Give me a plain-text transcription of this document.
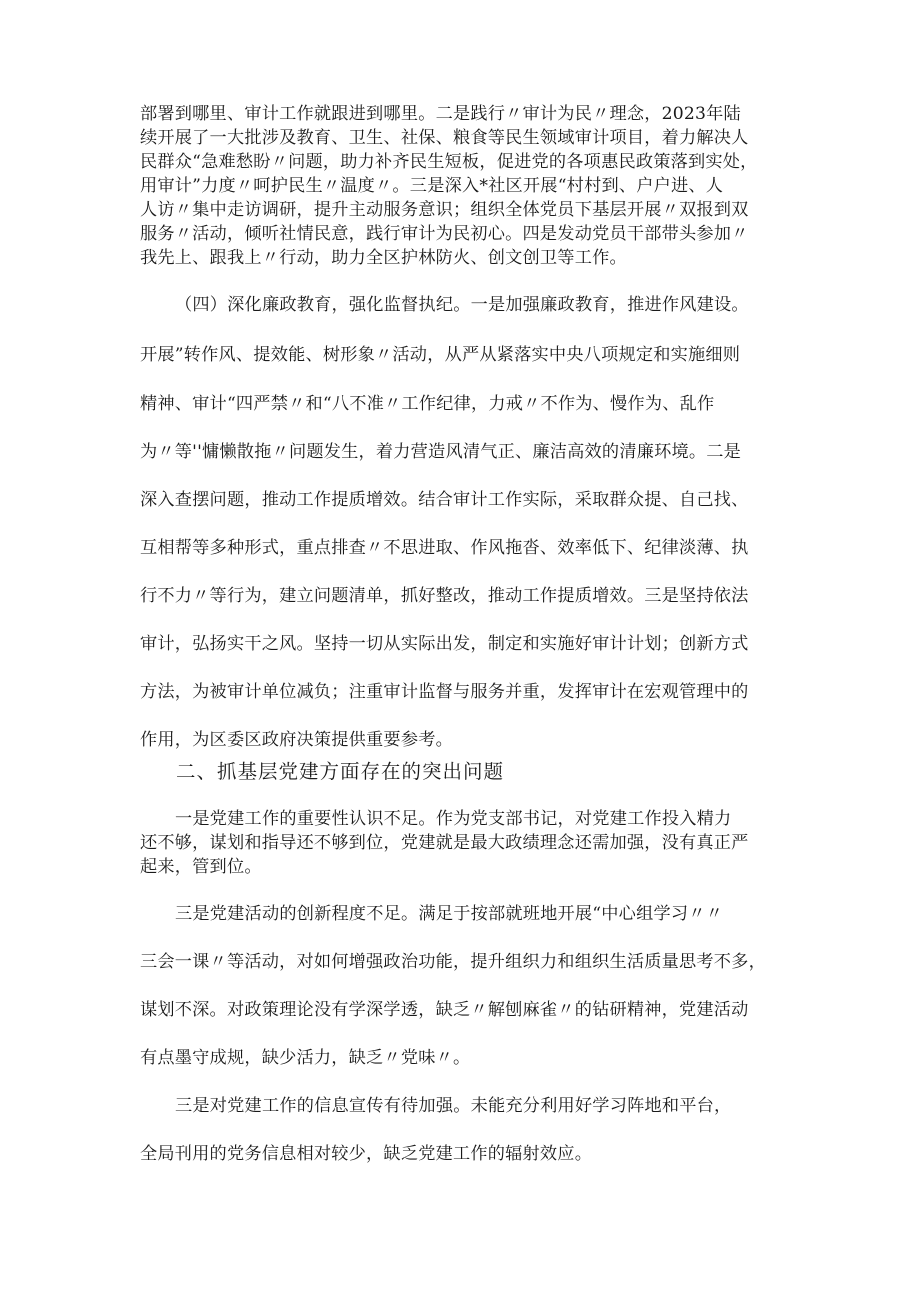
部署到哪里、审计工作就跟进到哪里。二是践行〃审计为民〃理念，2023年陆
续开展了一大批涉及教育、卫生、社保、粮食等民生领域审计项目，着力解决人
民群众“急难愁盼〃问题，助力补齐民生短板，促进党的各项惠民政策落到实处，
用审计”力度〃呵护民生〃温度〃。三是深入*社区开展“村村到、户户进、人
人访〃集中走访调研，提升主动服务意识；组织全体党员下基层开展〃双报到双
服务〃活动，倾听社情民意，践行审计为民初心。四是发动党员干部带头参加〃
我先上、跟我上〃行动，助力全区护林防火、创文创卫等工作。
（四）深化廉政教育，强化监督执纪。一是加强廉政教育，推进作风建设。
开展”转作风、提效能、树形象〃活动，从严从紧落实中央八项规定和实施细则
精神、审计“四严禁〃和“八不准〃工作纪律，力戒〃不作为、慢作为、乱作
为〃等''慵懒散拖〃问题发生，着力营造风清气正、廉洁高效的清廉环境。二是
深入查摆问题，推动工作提质增效。结合审计工作实际，采取群众提、自己找、
互相帮等多种形式，重点排查〃不思进取、作风拖沓、效率低下、纪律淡薄、执
行不力〃等行为，建立问题清单，抓好整改，推动工作提质增效。三是坚持依法
审计，弘扬实干之风。坚持一切从实际出发，制定和实施好审计计划；创新方式
方法，为被审计单位减负；注重审计监督与服务并重，发挥审计在宏观管理中的
作用，为区委区政府决策提供重要参考。
二、抓基层党建方面存在的突出问题
一是党建工作的重要性认识不足。作为党支部书记，对党建工作投入精力
还不够，谋划和指导还不够到位，党建就是最大政绩理念还需加强，没有真正严
起来，管到位。
三是党建活动的创新程度不足。满足于按部就班地开展“中心组学习〃〃
三会一课〃等活动，对如何增强政治功能，提升组织力和组织生活质量思考不多，
谋划不深。对政策理论没有学深学透，缺乏〃解刨麻雀〃的钻研精神，党建活动
有点墨守成规，缺少活力，缺乏〃党味〃。
三是对党建工作的信息宣传有待加强。未能充分利用好学习阵地和平台，
全局刊用的党务信息相对较少，缺乏党建工作的辐射效应。
